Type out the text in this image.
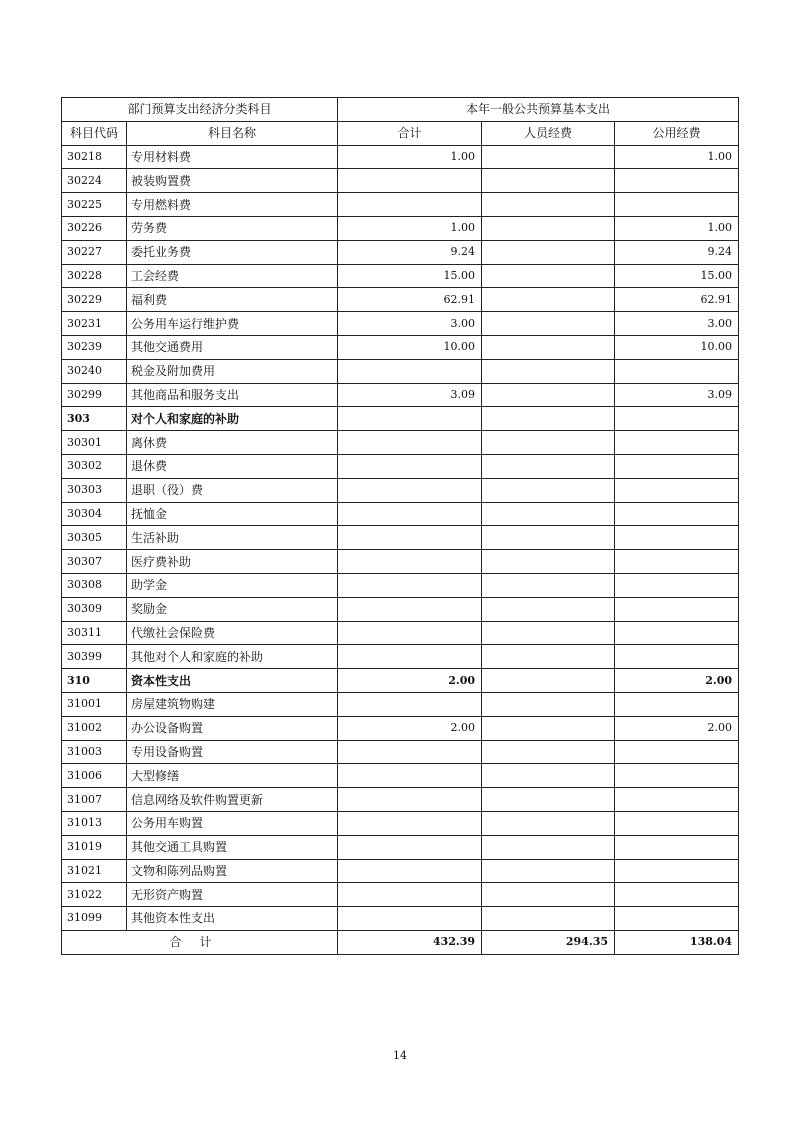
部门预算支出经济分类科目		本年一般公共预算基本支出		
科目代码	科目名称	合计	人员经费	公用经费
30218	专用材料费	1.00		1.00
30224	被装购置费			
30225	专用燃料费			
30226	劳务费	1.00		1.00
30227	委托业务费	9.24		9.24
30228	工会经费	15.00		15.00
30229	福利费	62.91		62.91
30231	公务用车运行维护费	3.00		3.00
30239	其他交通费用	10.00		10.00
30240	税金及附加费用			
30299	其他商品和服务支出	3.09		3.09
303	对个人和家庭的补助			
30301	离休费			
30302	退休费			
30303	退职（役）费			
30304	抚恤金			
30305	生活补助			
30307	医疗费补助			
30308	助学金			
30309	奖励金			
30311	代缴社会保险费			
30399	其他对个人和家庭的补助			
310	资本性支出	2.00		2.00
31001	房屋建筑物购建			
31002	办公设备购置	2.00		2.00
31003	专用设备购置			
31006	大型修缮			
31007	信息网络及软件购置更新			
31013	公务用车购置			
31019	其他交通工具购置			
31021	文物和陈列品购置			
31022	无形资产购置			
31099	其他资本性支出			
合计		432.39	294.35	138.04
14
